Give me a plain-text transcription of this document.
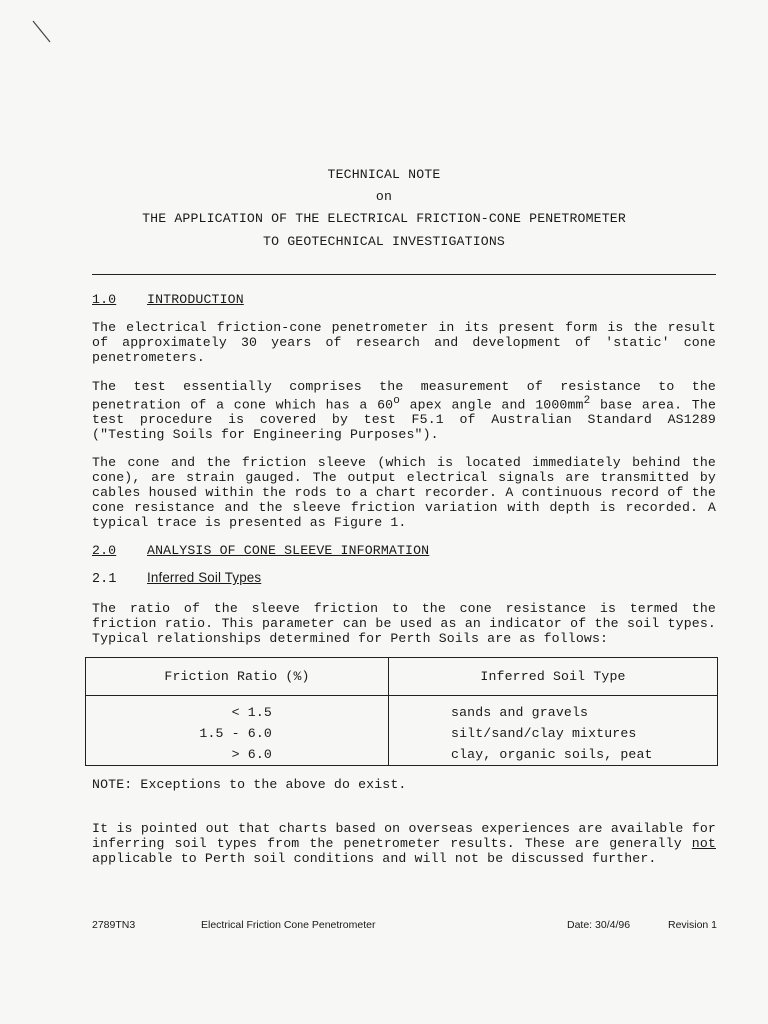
TECHNICAL NOTE
on
THE APPLICATION OF THE ELECTRICAL FRICTION-CONE PENETROMETER
TO GEOTECHNICAL INVESTIGATIONS
1.0 INTRODUCTION

The electrical friction-cone penetrometer in its present form is the result of approximately 30 years of research and development of 'static' cone penetrometers.

The test essentially comprises the measurement of resistance to the penetration of a cone which has a 60$^o$ apex angle and $1000mm^2$ base area. The test procedure is covered by test F5.1 of Australian Standard AS1289 ("Testing Soils for Engineering Purposes").

The cone and the friction sleeve (which is located immediately behind the cone), are strain gauged. The output electrical signals are transmitted by cables housed within the rods to a chart recorder. A continuous record of the cone resistance and the sleeve friction variation with depth is recorded. A typical trace is presented as Figure 1.

2.0 ANALYSIS OF CONE SLEEVE INFORMATION
2.1 Inferred Soil Types

The ratio of the sleeve friction to the cone resistance is termed the friction ratio. This parameter can be used as an indicator of the soil types. Typical relationships determined for Perth Soils are as follows:

Friction Ratio (%)	Inferred Soil Type
< 1.5	sands and gravels
1.5 - 6.0	silt/sand/clay mixtures
> 6.0	clay, organic soils, peat

NOTE: Exceptions to the above do exist.

It is pointed out that charts based on overseas experiences are available for inferring soil types from the penetrometer results. These are generally not applicable to Perth soil conditions and will not be discussed further.

2789TN3	Electrical Friction Cone Penetrometer	Date: 30/4/96	Revision 1
